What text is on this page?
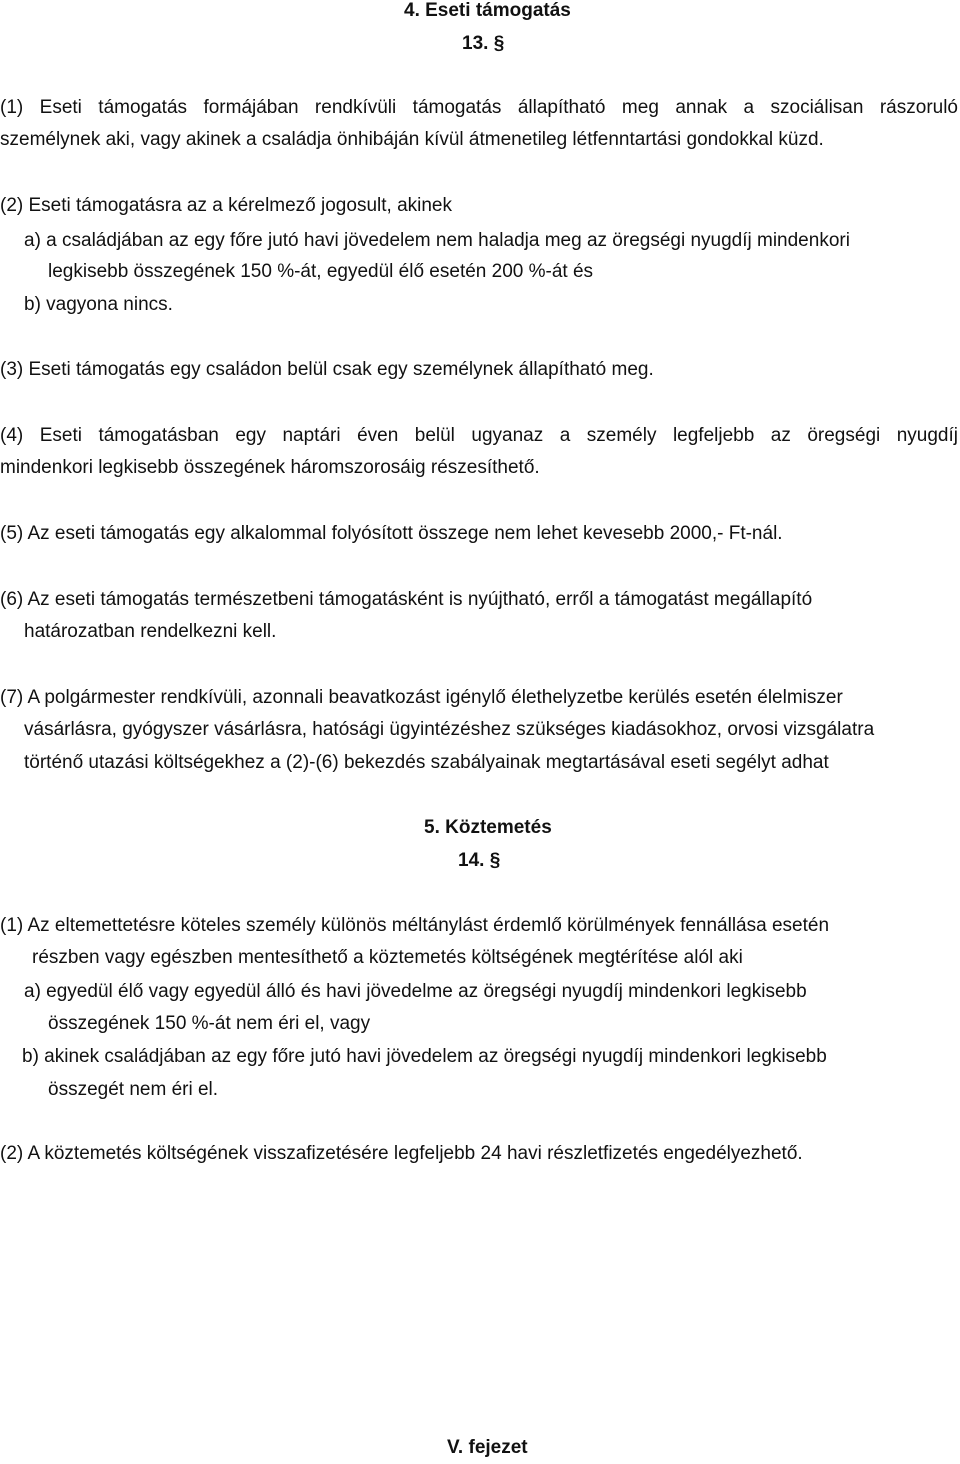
4. Eseti támogatás

13. §

(1) Eseti támogatás formájában rendkívüli támogatás állapítható meg annak a szociálisan rászoruló

személynek aki, vagy akinek a családja önhibáján kívül átmenetileg létfenntartási gondokkal küzd.

(2) Eseti támogatásra az a kérelmező jogosult, akinek

a) a családjában az egy főre jutó havi jövedelem nem haladja meg az öregségi nyugdíj mindenkori

legkisebb összegének 150 %-át, egyedül élő esetén 200 %-át és

b) vagyona nincs.

(3) Eseti támogatás egy családon belül csak egy személynek állapítható meg.

(4) Eseti támogatásban egy naptári éven belül ugyanaz a személy legfeljebb az öregségi nyugdíj

mindenkori legkisebb összegének háromszorosáig részesíthető.

(5) Az eseti támogatás egy alkalommal folyósított összege nem lehet kevesebb 2000,- Ft-nál.

(6) Az eseti támogatás természetbeni támogatásként is nyújtható, erről a támogatást megállapító

határozatban rendelkezni kell.

(7) A polgármester rendkívüli, azonnali beavatkozást igénylő élethelyzetbe kerülés esetén élelmiszer

vásárlásra, gyógyszer vásárlásra, hatósági ügyintézéshez szükséges kiadásokhoz, orvosi vizsgálatra

történő utazási költségekhez a (2)-(6) bekezdés szabályainak megtartásával eseti segélyt adhat

5. Köztemetés

14. §

(1) Az eltemettetésre köteles személy különös méltánylást érdemlő körülmények fennállása esetén

részben vagy egészben mentesíthető a köztemetés költségének megtérítése alól aki

a) egyedül élő vagy egyedül álló és havi jövedelme az öregségi nyugdíj mindenkori legkisebb

összegének 150 %-át nem éri el, vagy

b) akinek családjában az egy főre jutó havi jövedelem az öregségi nyugdíj mindenkori legkisebb

összegét nem éri el.

(2) A köztemetés költségének visszafizetésére legfeljebb 24 havi részletfizetés engedélyezhető.

V. fejezet
